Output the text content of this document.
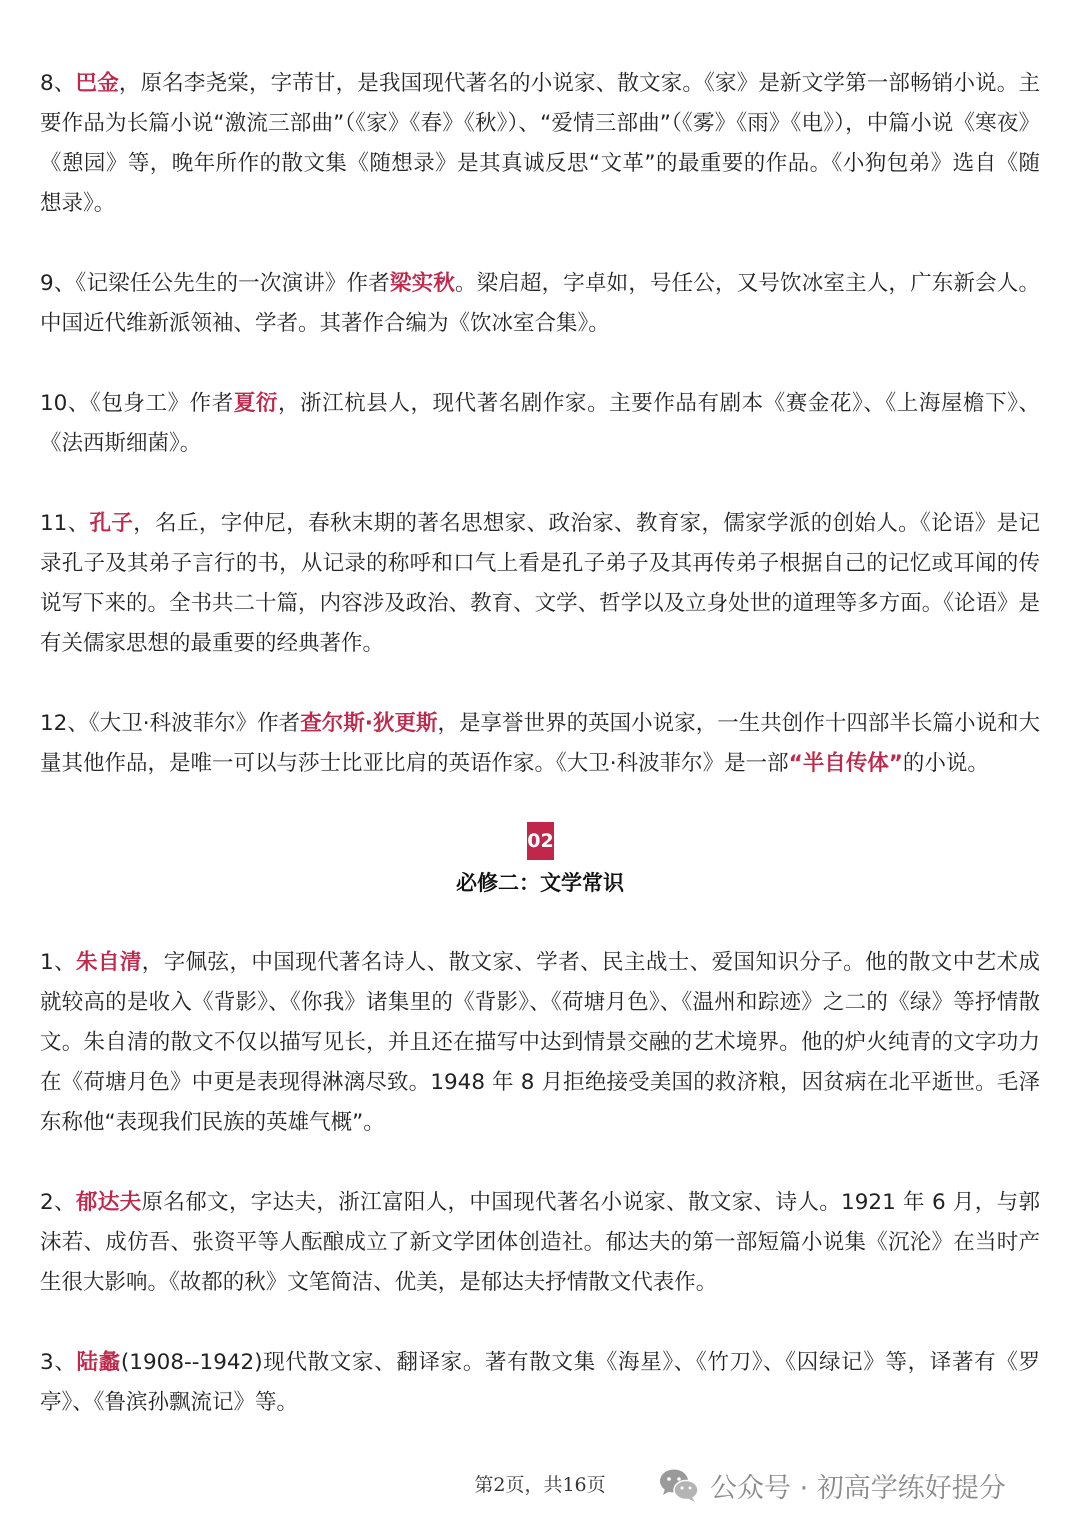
8、巴金，原名李尧棠，字芾甘，是我国现代著名的小说家、散文家。《家》是新文学第一部畅销小说。主要作品为长篇小说“激流三部曲”（《家》《春》《秋》）、“爱情三部曲”（《雾》《雨》《电》），中篇小说《寒夜》《憩园》等，晚年所作的散文集《随想录》是其真诚反思“文革”的最重要的作品。《小狗包弟》选自《随想录》。
9、《记梁任公先生的一次演讲》作者梁实秋。梁启超，字卓如，号任公，又号饮冰室主人，广东新会人。中国近代维新派领袖、学者。其著作合编为《饮冰室合集》。
10、《包身工》作者夏衍，浙江杭县人，现代著名剧作家。主要作品有剧本《赛金花》、《上海屋檐下》、《法西斯细菌》。
11、孔子，名丘，字仲尼，春秋末期的著名思想家、政治家、教育家，儒家学派的创始人。《论语》是记录孔子及其弟子言行的书，从记录的称呼和口气上看是孔子弟子及其再传弟子根据自己的记忆或耳闻的传说写下来的。全书共二十篇，内容涉及政治、教育、文学、哲学以及立身处世的道理等多方面。《论语》是有关儒家思想的最重要的经典著作。
12、《大卫·科波菲尔》作者查尔斯·狄更斯，是享誉世界的英国小说家，一生共创作十四部半长篇小说和大量其他作品，是唯一可以与莎士比亚比肩的英语作家。《大卫·科波菲尔》是一部“半自传体”的小说。
02
必修二：文学常识
1、朱自清，字佩弦，中国现代著名诗人、散文家、学者、民主战士、爱国知识分子。他的散文中艺术成就较高的是收入《背影》、《你我》诸集里的《背影》、《荷塘月色》、《温州和踪迹》之二的《绿》等抒情散文。朱自清的散文不仅以描写见长，并且还在描写中达到情景交融的艺术境界。他的炉火纯青的文字功力在《荷塘月色》中更是表现得淋漓尽致。1948 年 8 月拒绝接受美国的救济粮，因贫病在北平逝世。毛泽东称他“表现我们民族的英雄气概”。
2、郁达夫原名郁文，字达夫，浙江富阳人，中国现代著名小说家、散文家、诗人。1921 年 6 月，与郭沫若、成仿吾、张资平等人酝酿成立了新文学团体创造社。郁达夫的第一部短篇小说集《沉沦》在当时产生很大影响。《故都的秋》文笔简洁、优美，是郁达夫抒情散文代表作。
3、陆蠡(1908--1942)现代散文家、翻译家。著有散文集《海星》、《竹刀》、《囚绿记》等，译著有《罗亭》、《鲁滨孙飘流记》等。
第2页，共16页	公众号 · 初高学练好提分
